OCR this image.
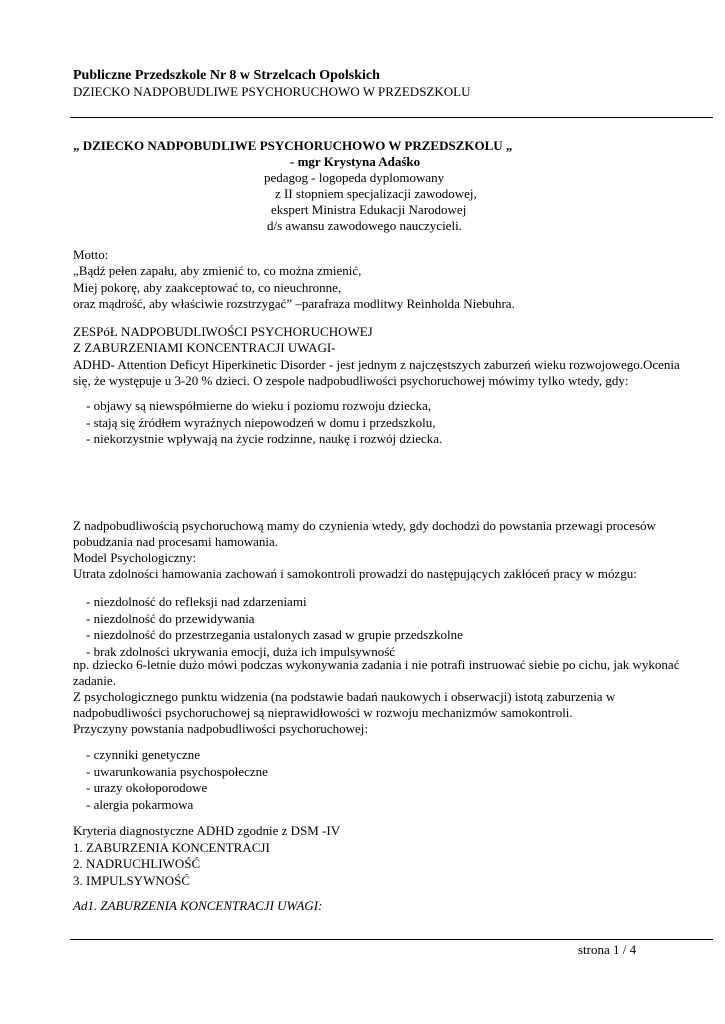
Publiczne Przedszkole Nr 8 w Strzelcach Opolskich
DZIECKO NADPOBUDLIWE PSYCHORUCHOWO W PRZEDSZKOLU
„ DZIECKO NADPOBUDLIWE PSYCHORUCHOWO W PRZEDSZKOLU „
- mgr Krystyna Adaśko
pedagog - logopeda dyplomowany
z II stopniem specjalizacji zawodowej,
ekspert Ministra Edukacji Narodowej
d/s awansu zawodowego nauczycieli.
Motto:
„Bądź pełen zapału, aby zmienić to, co można zmienić,
Miej pokorę, aby zaakceptować to, co nieuchronne,
oraz mądrość, aby właściwie rozstrzygać” –parafraza modlitwy Reinholda Niebuhra.
ZESPóŁ NADPOBUDLIWOŚCI PSYCHORUCHOWEJ
Z ZABURZENIAMI KONCENTRACJI UWAGI-
ADHD- Attention Deficyt Hiperkinetic Disorder - jest jednym z najczęstszych zaburzeń wieku rozwojowego.Ocenia
się, że występuje u 3-20 % dzieci. O zespole nadpobudliwości psychoruchowej mówimy tylko wtedy, gdy:
- objawy są niewspółmierne do wieku i poziomu rozwoju dziecka,
- stają się źródłem wyraźnych niepowodzeń w domu i przedszkolu,
- niekorzystnie wpływają na życie rodzinne, naukę i rozwój dziecka.
Z nadpobudliwością psychoruchową mamy do czynienia wtedy, gdy dochodzi do powstania przewagi procesów
pobudzania nad procesami hamowania.
Model Psychologiczny:
Utrata zdolności hamowania zachowań i samokontroli prowadzi do następujących zakłóceń pracy w mózgu:
- niezdolność do refleksji nad zdarzeniami
- niezdolność do przewidywania
- niezdolność do przestrzegania ustalonych zasad w grupie przedszkolne
- brak zdolności ukrywania emocji, duża ich impulsywność
np. dziecko 6-letnie dużo mówi podczas wykonywania zadania i nie potrafi instruować siebie po cichu, jak wykonać
zadanie.
Z psychologicznego punktu widzenia (na podstawie badań naukowych i obserwacji) istotą zaburzenia w
nadpobudliwości psychoruchowej są nieprawidłowości w rozwoju mechanizmów samokontroli.
Przyczyny powstania nadpobudliwości psychoruchowej:
- czynniki genetyczne
- uwarunkowania psychospołeczne
- urazy okołoporodowe
- alergia pokarmowa
Kryteria diagnostyczne ADHD zgodnie z DSM -IV
1. ZABURZENIA KONCENTRACJI
2. NADRUCHLIWOŚĆ
3. IMPULSYWNOŚĆ
Ad1. ZABURZENIA KONCENTRACJI UWAGI:
strona 1 / 4
